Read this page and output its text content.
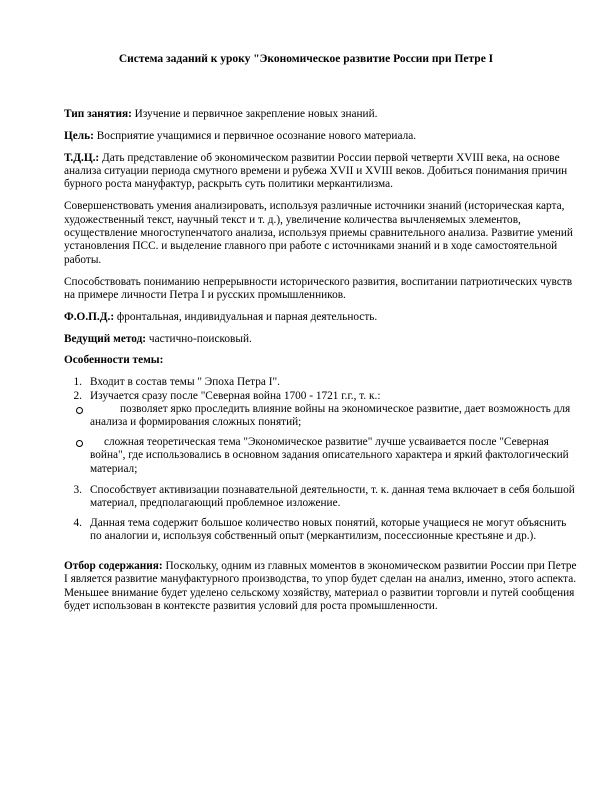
Система заданий к уроку "Экономическое развитие России при Петре I

Тип занятия: Изучение и первичное закрепление новых знаний.

Цель: Восприятие учащимися и первичное осознание нового материала.

Т.Д.Ц.: Дать представление об экономическом развитии России первой четверти XVIII века, на основе анализа ситуации периода смутного времени и рубежа XVII и XVIII веков. Добиться понимания причин бурного роста мануфактур, раскрыть суть политики меркантилизма.

Совершенствовать умения анализировать, используя различные источники знаний (историческая карта, художественный текст, научный текст и т. д.), увеличение количества вычленяемых элементов, осуществление многоступенчатого анализа, используя приемы сравнительного анализа. Развитие умений установления ПСС. и выделение главного при работе с источниками знаний и в ходе самостоятельной работы.

Способствовать пониманию непрерывности исторического развития, воспитании патриотических чувств на примере личности Петра I и русских промышленников.

Ф.О.П.Д.: фронтальная, индивидуальная и парная деятельность.

Ведущий метод: частично-поисковый.

Особенности темы:

1. Входит в состав темы " Эпоха Петра I".
2. Изучается сразу после "Северная война 1700 - 1721 г.г., т. к.:
позволяет ярко проследить влияние войны на экономическое развитие, дает возможность для анализа и формирования сложных понятий;
сложная теоретическая тема "Экономическое развитие" лучше усваивается после "Северная война", где использовались в основном задания описательного характера и яркий фактологический материал;
3. Способствует активизации познавательной деятельности, т. к. данная тема включает в себя большой материал, предполагающий проблемное изложение.
4. Данная тема содержит большое количество новых понятий, которые учащиеся не могут объяснить по аналогии и, используя собственный опыт (меркантилизм, посессионные крестьяне и др.).

Отбор содержания: Поскольку, одним из главных моментов в экономическом развитии России при Петре I является развитие мануфактурного производства, то упор будет сделан на анализ, именно, этого аспекта. Меньшее внимание будет уделено сельскому хозяйству, материал о развитии торговли и путей сообщения будет использован в контексте развития условий для роста промышленности.
